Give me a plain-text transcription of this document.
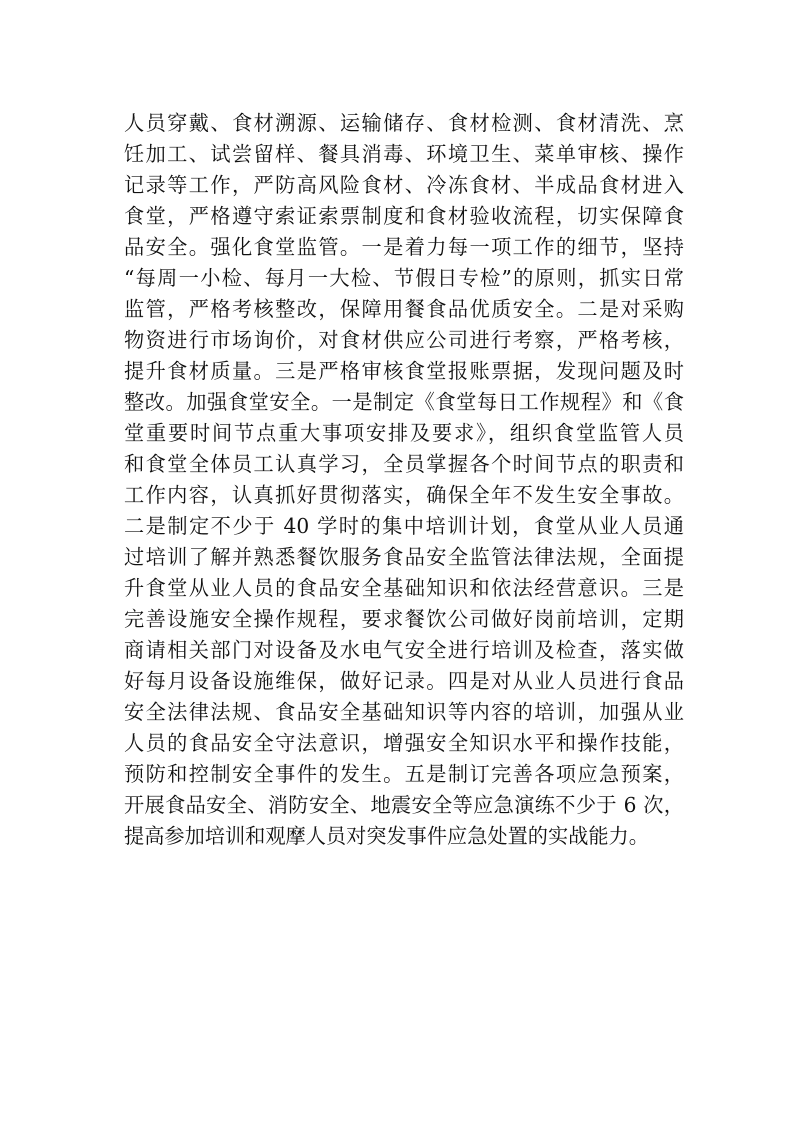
人员穿戴、食材溯源、运输储存、食材检测、食材清洗、烹
饪加工、试尝留样、餐具消毒、环境卫生、菜单审核、操作
记录等工作，严防高风险食材、冷冻食材、半成品食材进入
食堂，严格遵守索证索票制度和食材验收流程，切实保障食
品安全。强化食堂监管。一是着力每一项工作的细节，坚持
“每周一小检、每月一大检、节假日专检”的原则，抓实日常
监管，严格考核整改，保障用餐食品优质安全。二是对采购
物资进行市场询价，对食材供应公司进行考察，严格考核，
提升食材质量。三是严格审核食堂报账票据，发现问题及时
整改。加强食堂安全。一是制定《食堂每日工作规程》和《食
堂重要时间节点重大事项安排及要求》，组织食堂监管人员
和食堂全体员工认真学习，全员掌握各个时间节点的职责和
工作内容，认真抓好贯彻落实，确保全年不发生安全事故。
二是制定不少于 40 学时的集中培训计划，食堂从业人员通
过培训了解并熟悉餐饮服务食品安全监管法律法规，全面提
升食堂从业人员的食品安全基础知识和依法经营意识。三是
完善设施安全操作规程，要求餐饮公司做好岗前培训，定期
商请相关部门对设备及水电气安全进行培训及检查，落实做
好每月设备设施维保，做好记录。四是对从业人员进行食品
安全法律法规、食品安全基础知识等内容的培训，加强从业
人员的食品安全守法意识，增强安全知识水平和操作技能，
预防和控制安全事件的发生。五是制订完善各项应急预案，
开展食品安全、消防安全、地震安全等应急演练不少于 6 次，
提高参加培训和观摩人员对突发事件应急处置的实战能力。
